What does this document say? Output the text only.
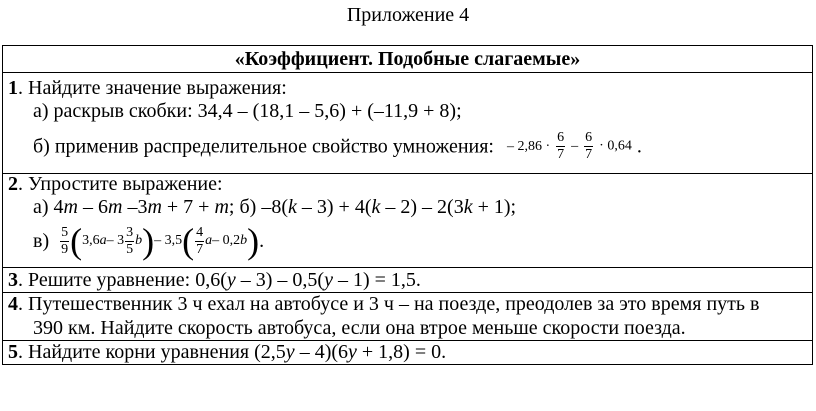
Приложение 4
«Коэффициент. Подобные слагаемые»
1. Найдите значение выражения:
а) раскрыв скобки: 34,4 – (18,1 – 5,6) + (–11,9 + 8);
б) применив распределительное свойство умножения: – $2,86 \cdot \frac{6}{7} - \frac{6}{7} \cdot 0,64$ .
2. Упростите выражение:
а) 4m – 6m –3m + 7 + m; б) –8(k – 3) + 4(k – 2) – 2(3k + 1);
$в) \frac{5}{9}$ ( 3,6 a – $3 \frac{3}{5}$ b ) – 3,5 ( $\frac{4}{7}$ a – 0,2 b ) .
3. Решите уравнение: 0,6(y – 3) – 0,5(y – 1) = 1,5.
4. Путешественник 3 ч ехал на автобусе и 3 ч – на поезде, преодолев за это время путь в
390 км. Найдите скорость автобуса, если она втрое меньше скорости поезда.
5. Найдите корни уравнения (2,5y – 4)(6y + 1,8) = 0.
